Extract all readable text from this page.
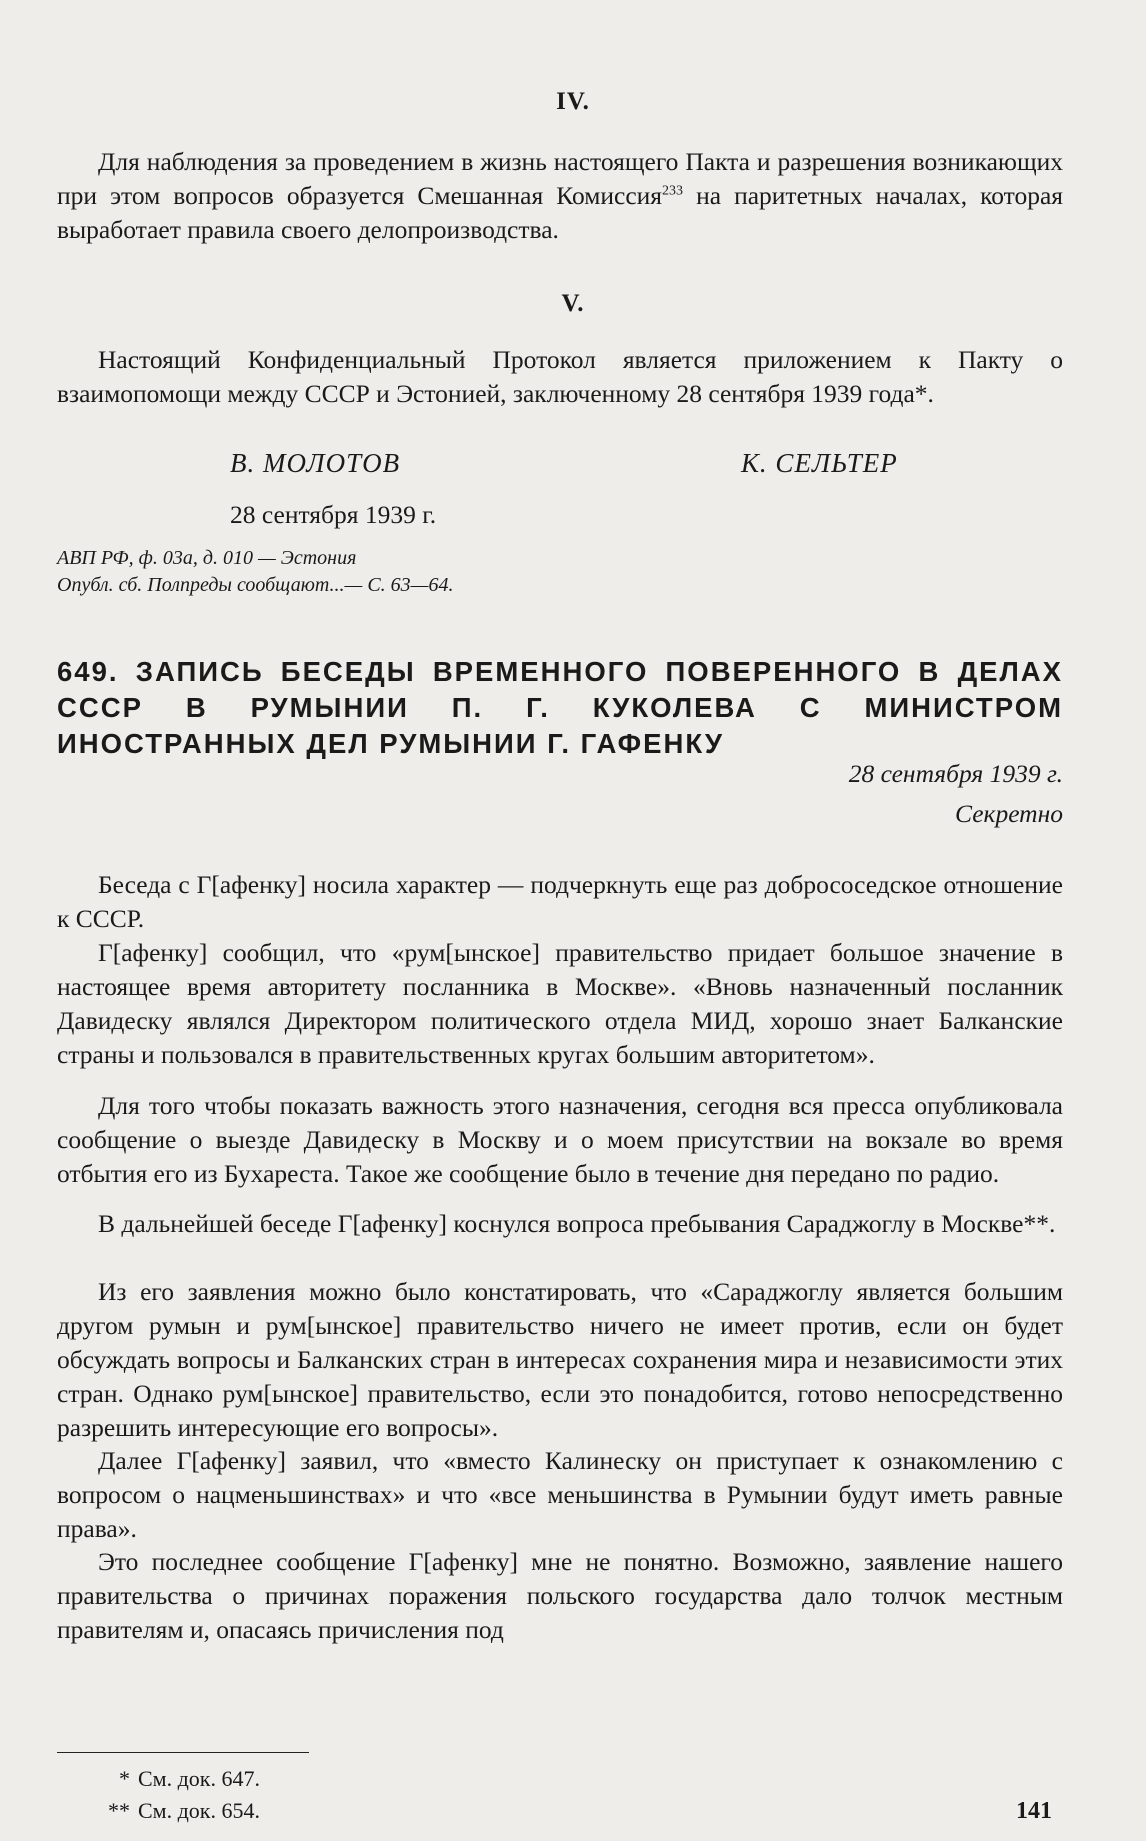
IV.

Для наблюдения за проведением в жизнь настоящего Пакта и разрешения возникающих при этом вопросов образуется Смешанная Комиссия$^{233}$ на паритетных началах, которая выработает правила своего делопроизводства.

V.

Настоящий Конфиденциальный Протокол является приложением к Пакту о взаимопомощи между СССР и Эстонией, заключенному 28 сентября 1939 года*.

В. МОЛОТОВ	К. СЕЛЬТЕР
28 сентября 1939 г.
АВП РФ, ф. 03а, д. 010 — Эстония
Опубл. сб. Полпреды сообщают...— С. 63—64.
649. ЗАПИСЬ БЕСЕДЫ ВРЕМЕННОГО ПОВЕРЕННОГО В ДЕЛАХ СССР В РУМЫНИИ П. Г. КУКОЛЕВА С МИНИСТРОМ ИНОСТРАННЫХ ДЕЛ РУМЫНИИ Г. ГАФЕНКУ
28 сентября 1939 г.
Секретно

Беседа с Г[афенку] носила характер — подчеркнуть еще раз добрососедское отношение к СССР.

Г[афенку] сообщил, что «рум[ынское] правительство придает большое значение в настоящее время авторитету посланника в Москве». «Вновь назначенный посланник Давидеску являлся Директором политического отдела МИД, хорошо знает Балканские страны и пользовался в правительственных кругах большим авторитетом».

Для того чтобы показать важность этого назначения, сегодня вся пресса опубликовала сообщение о выезде Давидеску в Москву и о моем присутствии на вокзале во время отбытия его из Бухареста. Такое же сообщение было в течение дня передано по радио.

В дальнейшей беседе Г[афенку] коснулся вопроса пребывания Сараджоглу в Москве**.

Из его заявления можно было констатировать, что «Сараджоглу является большим другом румын и рум[ынское] правительство ничего не имеет против, если он будет обсуждать вопросы и Балканских стран в интересах сохранения мира и независимости этих стран. Однако рум[ынское] правительство, если это понадобится, готово непосредственно разрешить интересующие его вопросы».

Далее Г[афенку] заявил, что «вместо Калинеску он приступает к ознакомлению с вопросом о нацменьшинствах» и что «все меньшинства в Румынии будут иметь равные права».

Это последнее сообщение Г[афенку] мне не понятно. Возможно, заявление нашего правительства о причинах поражения польского государства дало толчок местным правителям и, опасаясь причисления под

* См. док. 647.
** См. док. 654.	141
